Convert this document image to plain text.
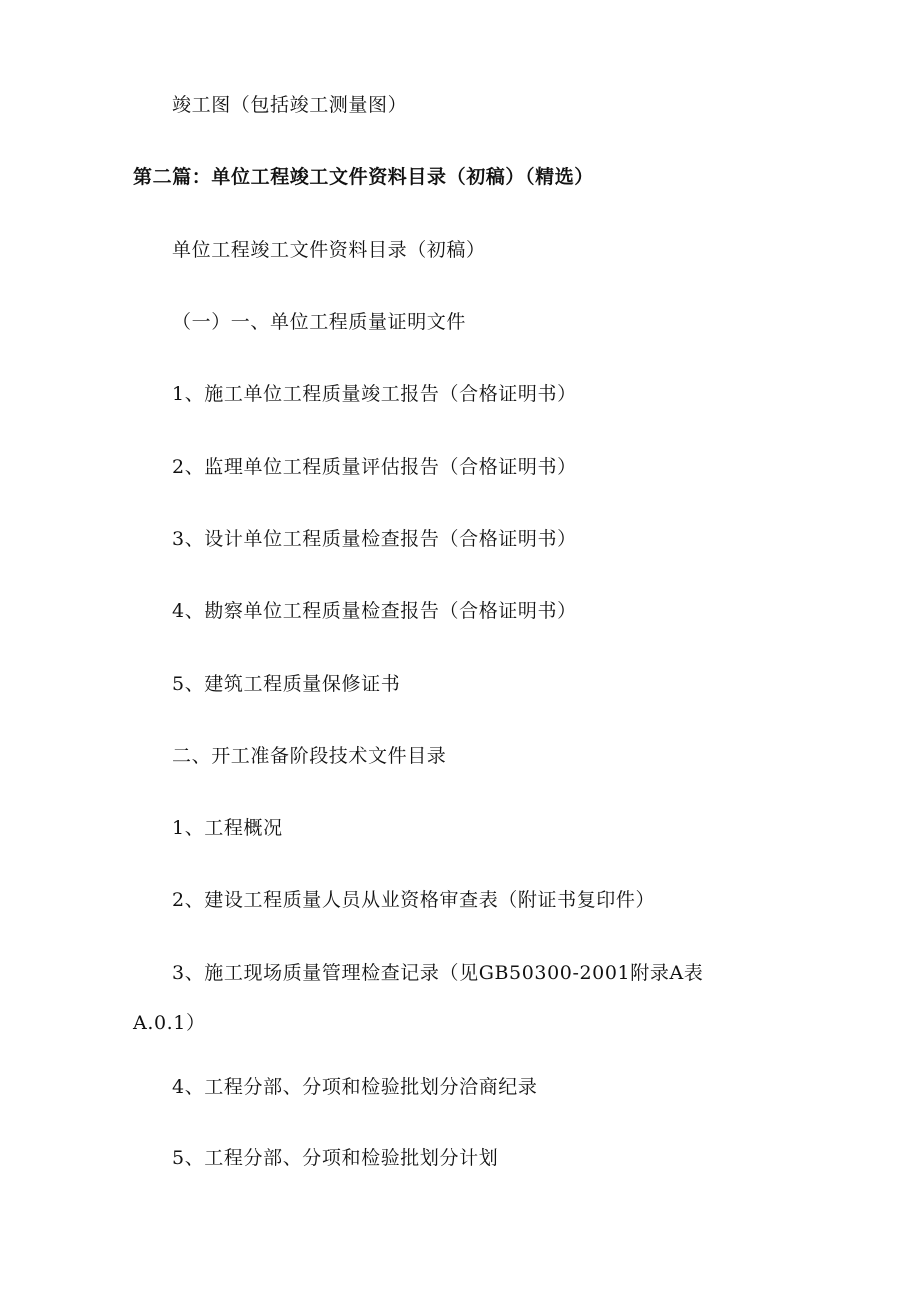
竣工图（包括竣工测量图）
第二篇：单位工程竣工文件资料目录（初稿）（精选）
单位工程竣工文件资料目录（初稿）
（一）一、单位工程质量证明文件
1、施工单位工程质量竣工报告（合格证明书）
2、监理单位工程质量评估报告（合格证明书）
3、设计单位工程质量检查报告（合格证明书）
4、勘察单位工程质量检查报告（合格证明书）
5、建筑工程质量保修证书
二、开工准备阶段技术文件目录
1、工程概况
2、建设工程质量人员从业资格审查表（附证书复印件）
3、施工现场质量管理检查记录（见GB50300-2001附录A表
A.0.1）
4、工程分部、分项和检验批划分洽商纪录
5、工程分部、分项和检验批划分计划
